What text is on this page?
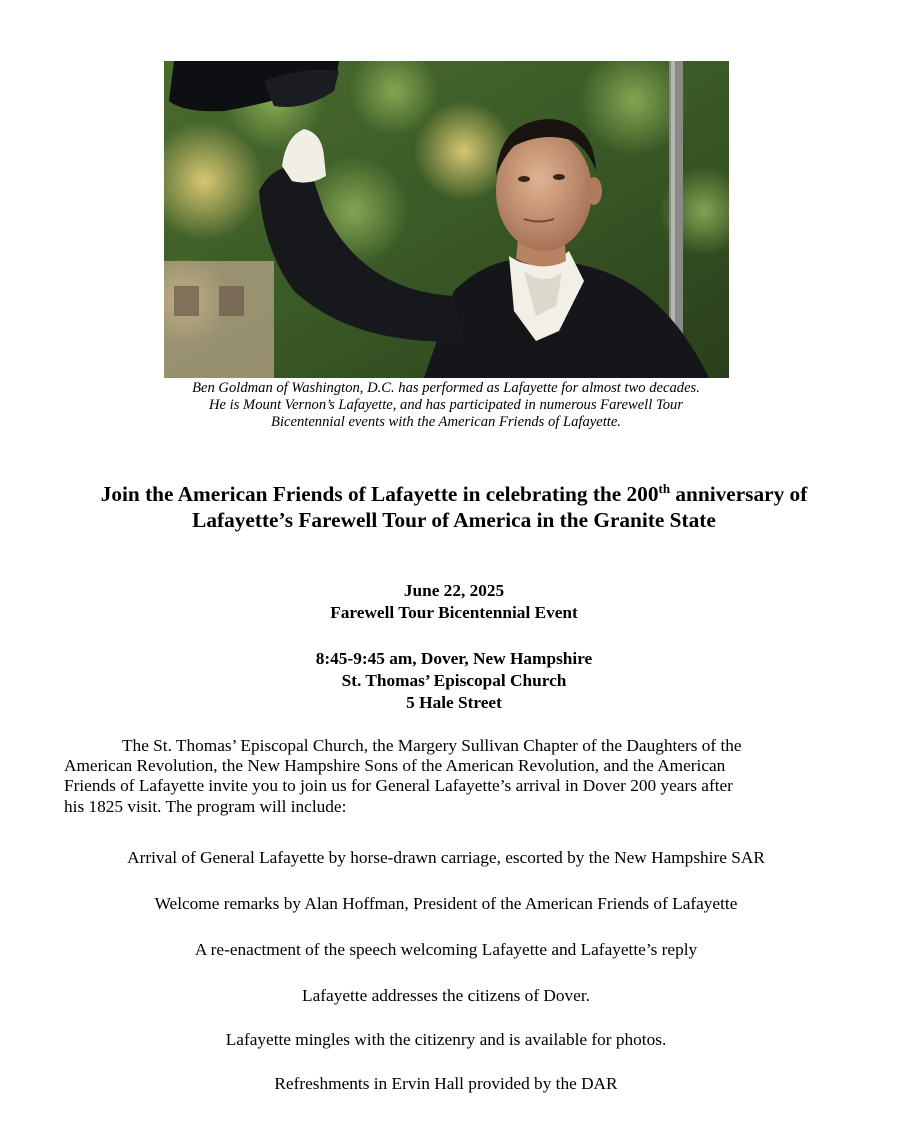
Ben Goldman of Washington, D.C. has performed as Lafayette for almost two decades.
He is Mount Vernon’s Lafayette, and has participated in numerous Farewell Tour
Bicentennial events with the American Friends of Lafayette.
Join the American Friends of Lafayette in celebrating the 200th anniversary of
Lafayette’s Farewell Tour of America in the Granite State
June 22, 2025
Farewell Tour Bicentennial Event
8:45-9:45 am, Dover, New Hampshire
St. Thomas’ Episcopal Church
5 Hale Street
The St. Thomas’ Episcopal Church, the Margery Sullivan Chapter of the Daughters of the
American Revolution, the New Hampshire Sons of the American Revolution, and the American
Friends of Lafayette invite you to join us for General Lafayette’s arrival in Dover 200 years after
his 1825 visit. The program will include:
Arrival of General Lafayette by horse-drawn carriage, escorted by the New Hampshire SAR
Welcome remarks by Alan Hoffman, President of the American Friends of Lafayette
A re-enactment of the speech welcoming Lafayette and Lafayette’s reply
Lafayette addresses the citizens of Dover.
Lafayette mingles with the citizenry and is available for photos.
Refreshments in Ervin Hall provided by the DAR
